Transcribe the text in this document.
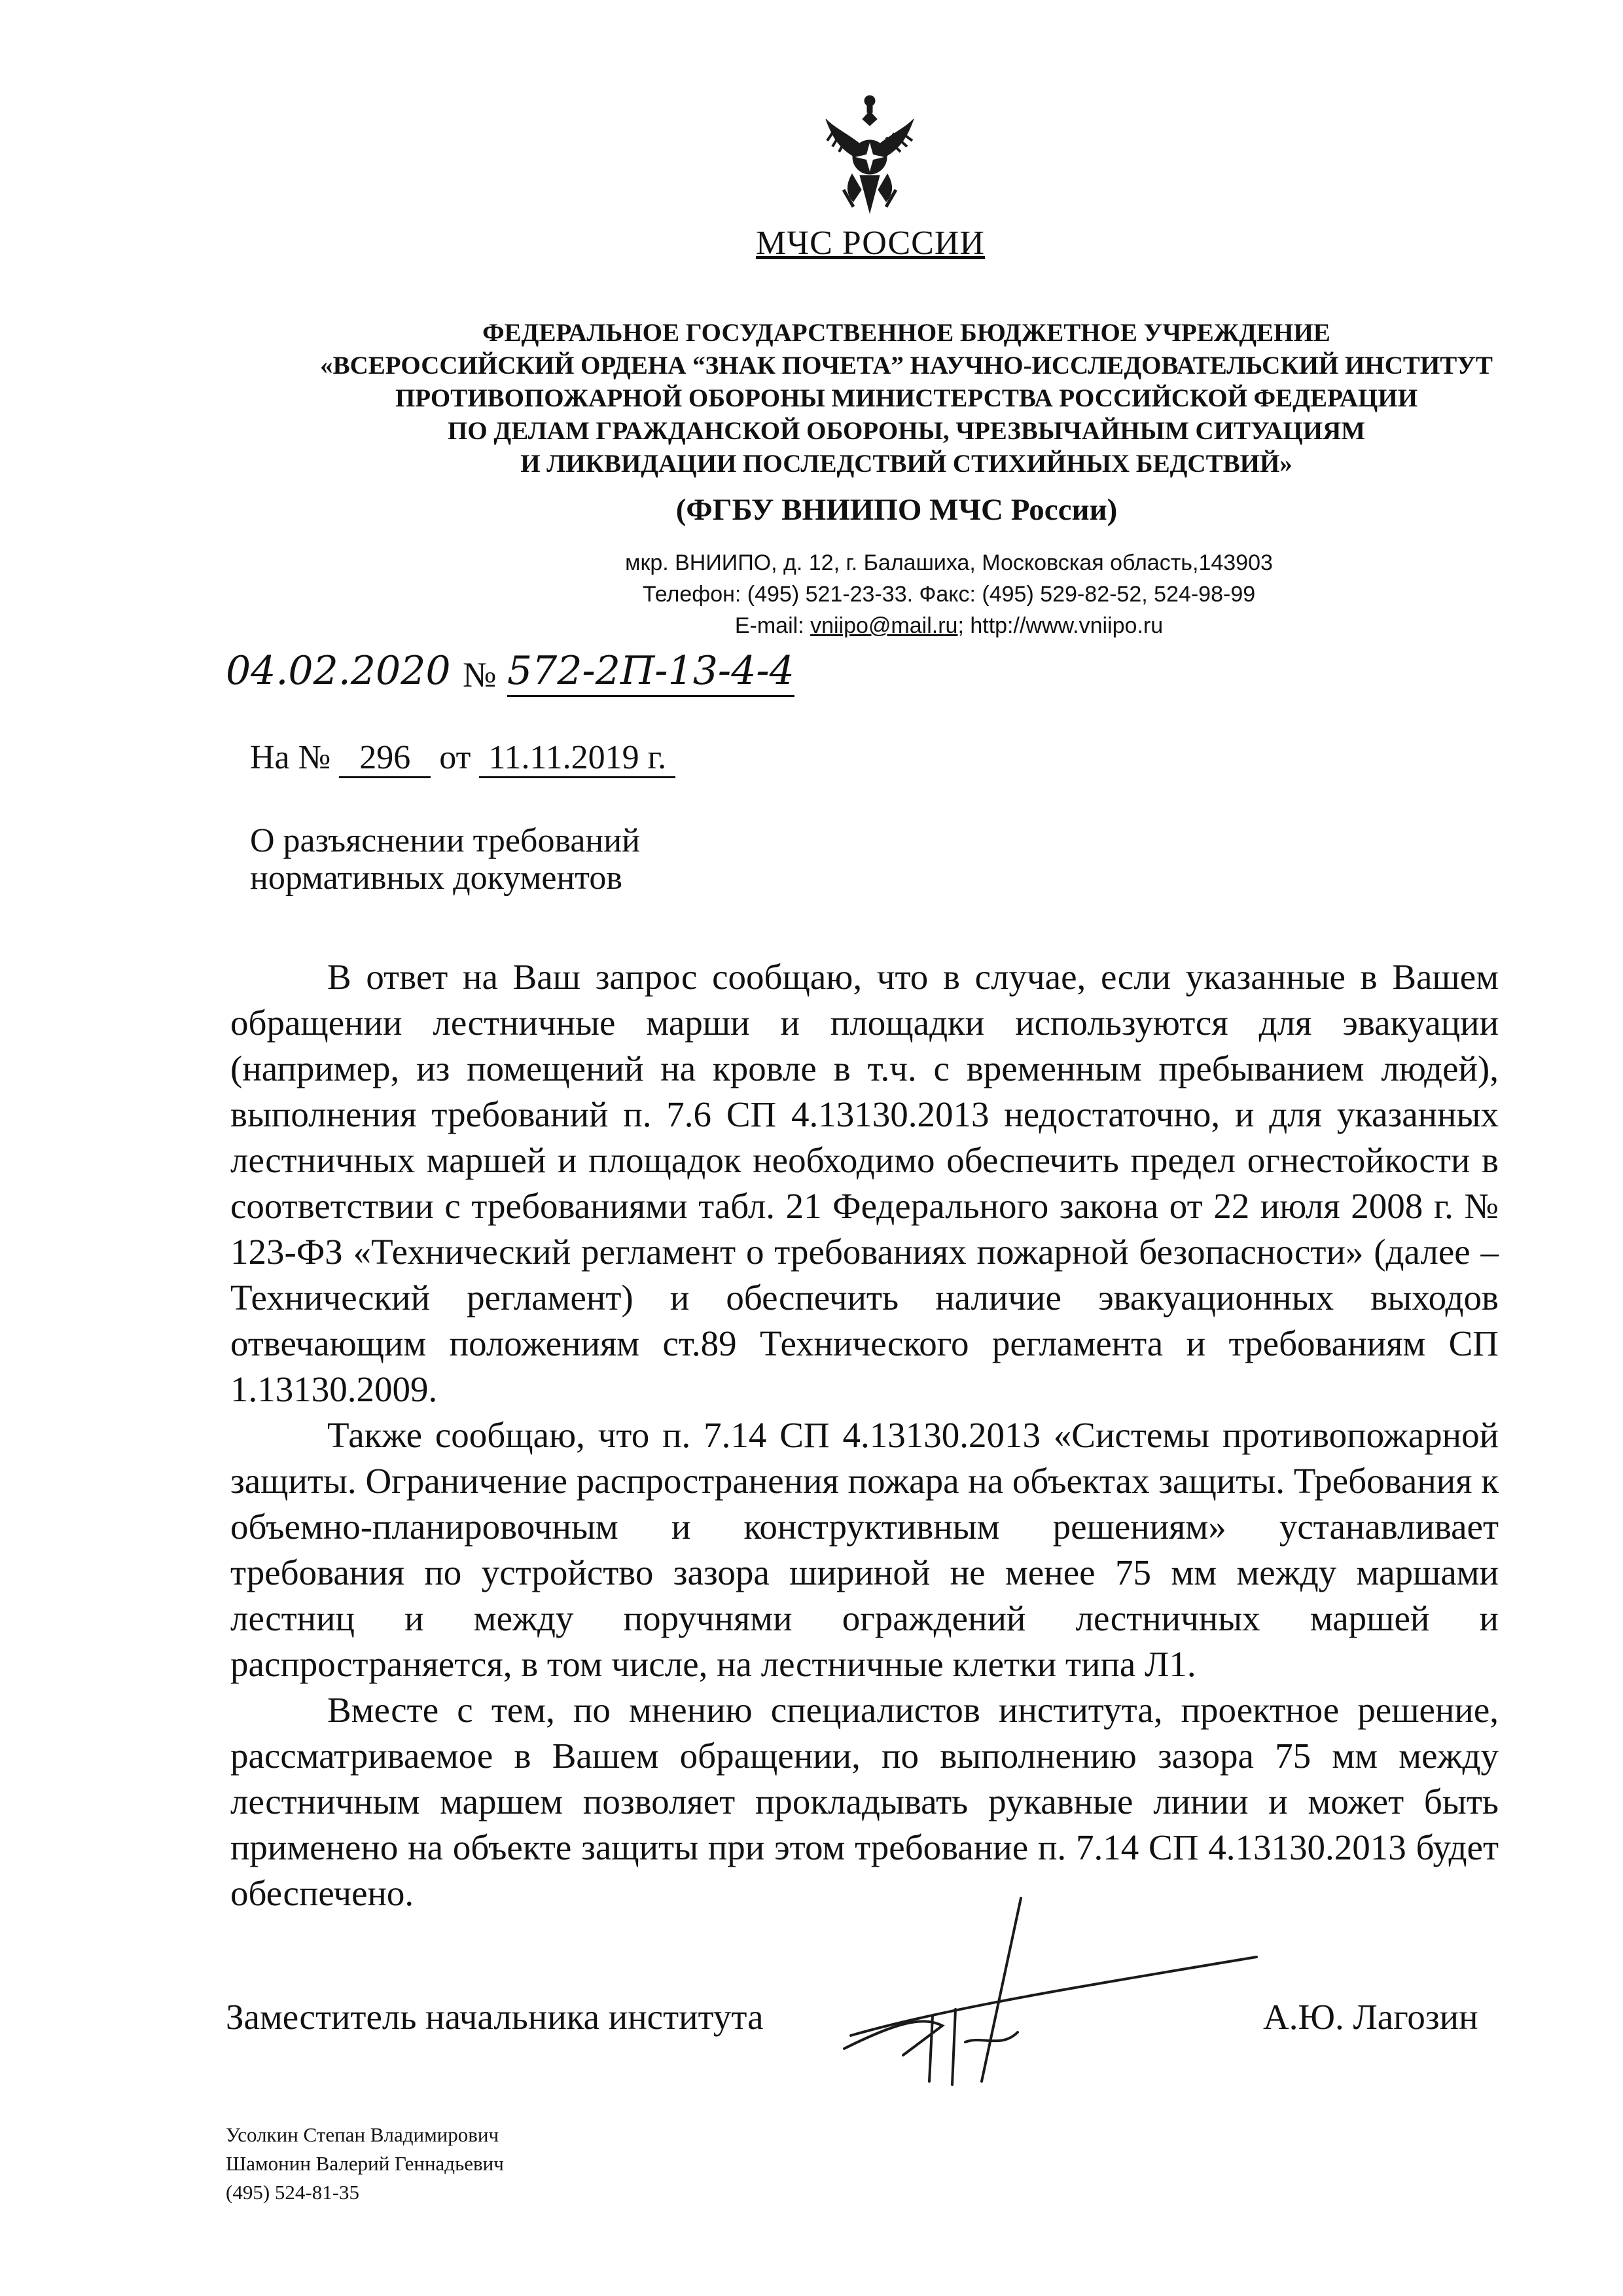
МЧС РОССИИ
ФЕДЕРАЛЬНОЕ ГОСУДАРСТВЕННОЕ БЮДЖЕТНОЕ УЧРЕЖДЕНИЕ
«ВСЕРОССИЙСКИЙ ОРДЕНА “ЗНАК ПОЧЕТА” НАУЧНО-ИССЛЕДОВАТЕЛЬСКИЙ ИНСТИТУТ
ПРОТИВОПОЖАРНОЙ ОБОРОНЫ МИНИСТЕРСТВА РОССИЙСКОЙ ФЕДЕРАЦИИ
ПО ДЕЛАМ ГРАЖДАНСКОЙ ОБОРОНЫ, ЧРЕЗВЫЧАЙНЫМ СИТУАЦИЯМ
И ЛИКВИДАЦИИ ПОСЛЕДСТВИЙ СТИХИЙНЫХ БЕДСТВИЙ»
(ФГБУ ВНИИПО МЧС России)
мкр. ВНИИПО, д. 12, г. Балашиха, Московская область,143903
Телефон: (495) 521-23-33. Факс: (495) 529-82-52, 524-98-99
E-mail: vniipo@mail.ru; http://www.vniipo.ru
04.02.2020 № 572-2П-13-4-4
На № 296 от 11.11.2019 г.
О разъяснении требований
нормативных документов

В ответ на Ваш запрос сообщаю, что в случае, если указанные в Вашем обращении лестничные марши и площадки используются для эвакуации (например, из помещений на кровле в т.ч. с временным пребыванием людей), выполнения требований п. 7.6 СП 4.13130.2013 недостаточно, и для указанных лестничных маршей и площадок необходимо обеспечить предел огнестойкости в соответствии с требованиями табл. 21 Федерального закона от 22 июля 2008 г. № 123-ФЗ «Технический регламент о требованиях пожарной безопасности» (далее – Технический регламент) и обеспечить наличие эвакуационных выходов отвечающим положениям ст.89 Технического регламента и требованиям СП 1.13130.2009.

Также сообщаю, что п. 7.14 СП 4.13130.2013 «Системы противопожарной защиты. Ограничение распространения пожара на объектах защиты. Требования к объемно-планировочным и конструктивным решениям» устанавливает требования по устройство зазора шириной не менее 75 мм между маршами лестниц и между поручнями ограждений лестничных маршей и распространяется, в том числе, на лестничные клетки типа Л1.

Вместе с тем, по мнению специалистов института, проектное решение, рассматриваемое в Вашем обращении, по выполнению зазора 75 мм между лестничным маршем позволяет прокладывать рукавные линии и может быть применено на объекте защиты при этом требование п. 7.14 СП 4.13130.2013 будет обеспечено.

Заместитель начальника института	А.Ю. Лагозин
Усолкин Степан Владимирович
Шамонин Валерий Геннадьевич
(495) 524-81-35
